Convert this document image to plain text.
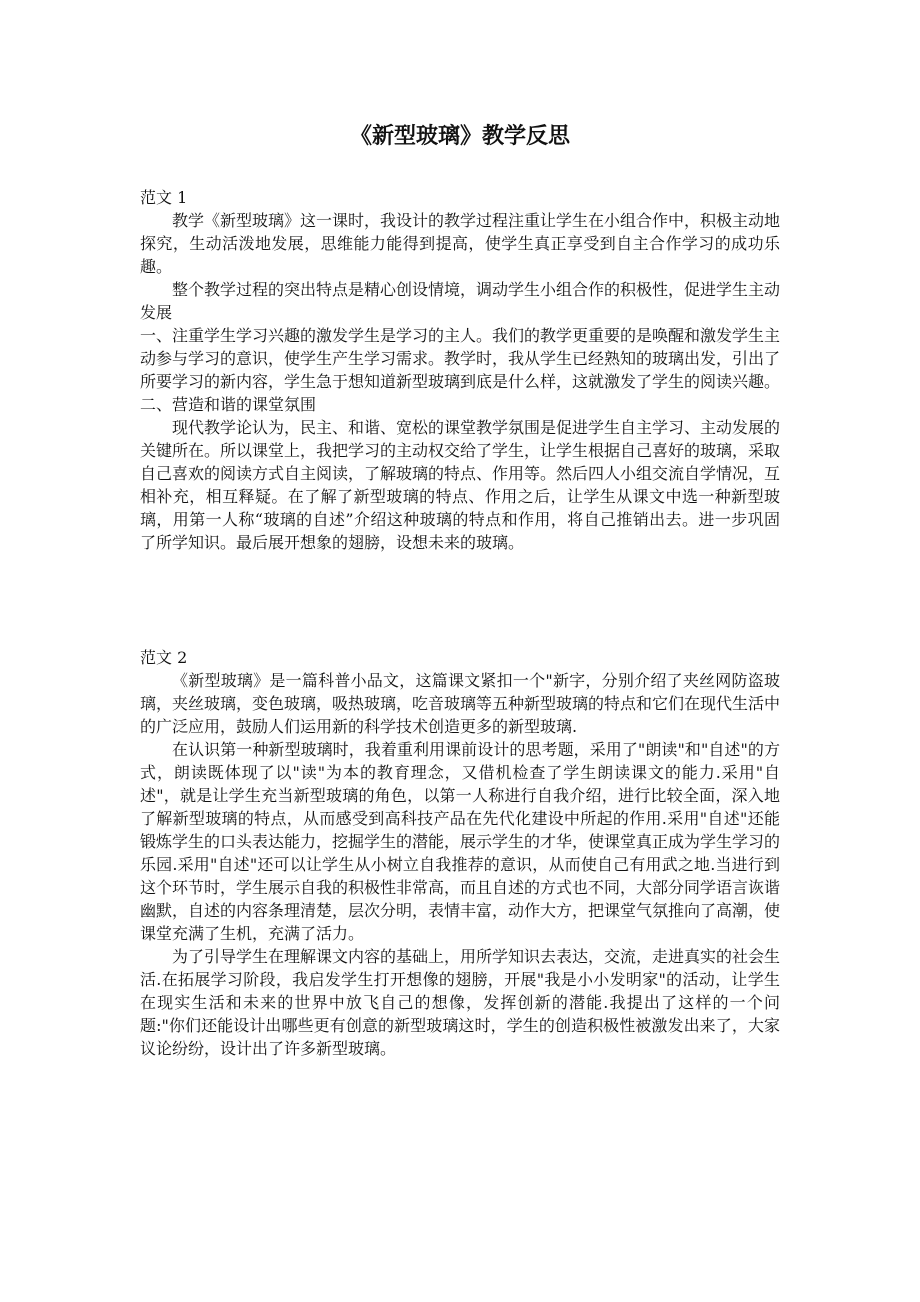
《新型玻璃》教学反思
范文 1

教学《新型玻璃》这一课时，我设计的教学过程注重让学生在小组合作中，积极主动地探究，生动活泼地发展，思维能力能得到提高，使学生真正享受到自主合作学习的成功乐趣。

整个教学过程的突出特点是精心创设情境，调动学生小组合作的积极性，促进学生主动发展

一、注重学生学习兴趣的激发学生是学习的主人。我们的教学更重要的是唤醒和激发学生主动参与学习的意识，使学生产生学习需求。教学时，我从学生已经熟知的玻璃出发，引出了所要学习的新内容，学生急于想知道新型玻璃到底是什么样，这就激发了学生的阅读兴趣。

二、营造和谐的课堂氛围

现代教学论认为，民主、和谐、宽松的课堂教学氛围是促进学生自主学习、主动发展的关键所在。所以课堂上，我把学习的主动权交给了学生，让学生根据自己喜好的玻璃，采取自己喜欢的阅读方式自主阅读，了解玻璃的特点、作用等。然后四人小组交流自学情况，互相补充，相互释疑。在了解了新型玻璃的特点、作用之后，让学生从课文中选一种新型玻璃，用第一人称“玻璃的自述”介绍这种玻璃的特点和作用，将自己推销出去。进一步巩固了所学知识。最后展开想象的翅膀，设想未来的玻璃。

范文 2

《新型玻璃》是一篇科普小品文，这篇课文紧扣一个"新字，分别介绍了夹丝网防盗玻璃，夹丝玻璃，变色玻璃，吸热玻璃，吃音玻璃等五种新型玻璃的特点和它们在现代生活中的广泛应用，鼓励人们运用新的科学技术创造更多的新型玻璃.

在认识第一种新型玻璃时，我着重利用课前设计的思考题，采用了"朗读"和"自述"的方式，朗读既体现了以"读"为本的教育理念，又借机检查了学生朗读课文的能力.采用"自述"，就是让学生充当新型玻璃的角色，以第一人称进行自我介绍，进行比较全面，深入地了解新型玻璃的特点，从而感受到高科技产品在先代化建设中所起的作用.采用"自述"还能锻炼学生的口头表达能力，挖掘学生的潜能，展示学生的才华，使课堂真正成为学生学习的乐园.采用"自述"还可以让学生从小树立自我推荐的意识，从而使自己有用武之地.当进行到这个环节时，学生展示自我的积极性非常高，而且自述的方式也不同，大部分同学语言诙谐幽默，自述的内容条理清楚，层次分明，表情丰富，动作大方，把课堂气氛推向了高潮，使课堂充满了生机，充满了活力。

为了引导学生在理解课文内容的基础上，用所学知识去表达，交流，走进真实的社会生活.在拓展学习阶段，我启发学生打开想像的翅膀，开展"我是小小发明家"的活动，让学生在现实生活和未来的世界中放飞自己的想像，发挥创新的潜能.我提出了这样的一个问题:"你们还能设计出哪些更有创意的新型玻璃这时，学生的创造积极性被激发出来了，大家议论纷纷，设计出了许多新型玻璃。
